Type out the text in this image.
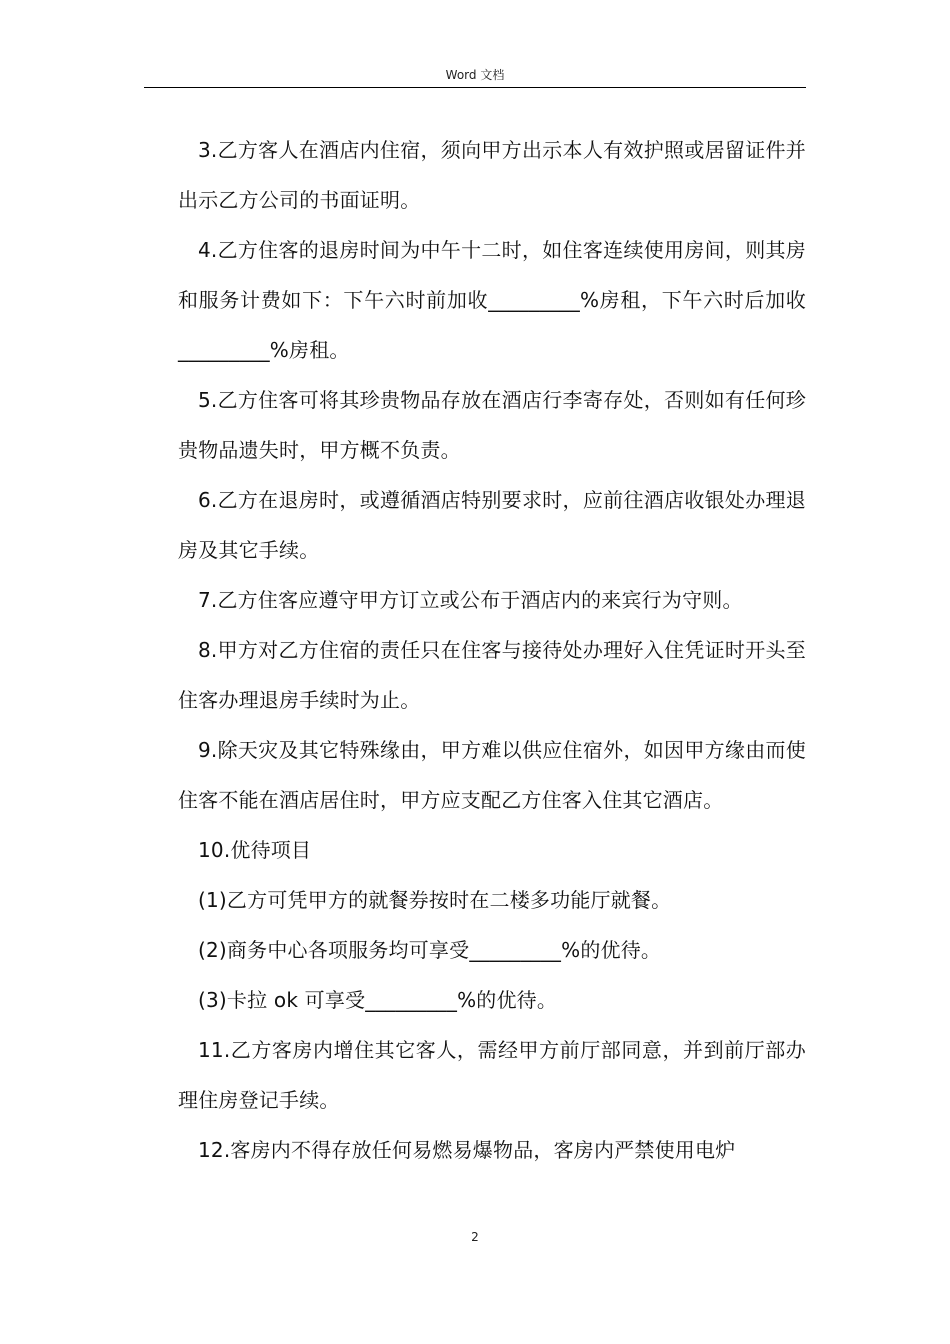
Word 文档

3.乙方客人在酒店内住宿，须向甲方出示本人有效护照或居留证件并出示乙方公司的书面证明。

4.乙方住客的退房时间为中午十二时，如住客连续使用房间，则其房和服务计费如下：下午六时前加收_________%房租，下午六时后加收_________%房租。

5.乙方住客可将其珍贵物品存放在酒店行李寄存处，否则如有任何珍贵物品遗失时，甲方概不负责。

6.乙方在退房时，或遵循酒店特别要求时，应前往酒店收银处办理退房及其它手续。

7.乙方住客应遵守甲方订立或公布于酒店内的来宾行为守则。

8.甲方对乙方住宿的责任只在住客与接待处办理好入住凭证时开头至住客办理退房手续时为止。

9.除天灾及其它特殊缘由，甲方难以供应住宿外，如因甲方缘由而使住客不能在酒店居住时，甲方应支配乙方住客入住其它酒店。

10.优待项目

(1)乙方可凭甲方的就餐券按时在二楼多功能厅就餐。

(2)商务中心各项服务均可享受_________%的优待。

(3)卡拉 ok 可享受_________%的优待。

11.乙方客房内增住其它客人，需经甲方前厅部同意，并到前厅部办理住房登记手续。

12.客房内不得存放任何易燃易爆物品，客房内严禁使用电炉

2
